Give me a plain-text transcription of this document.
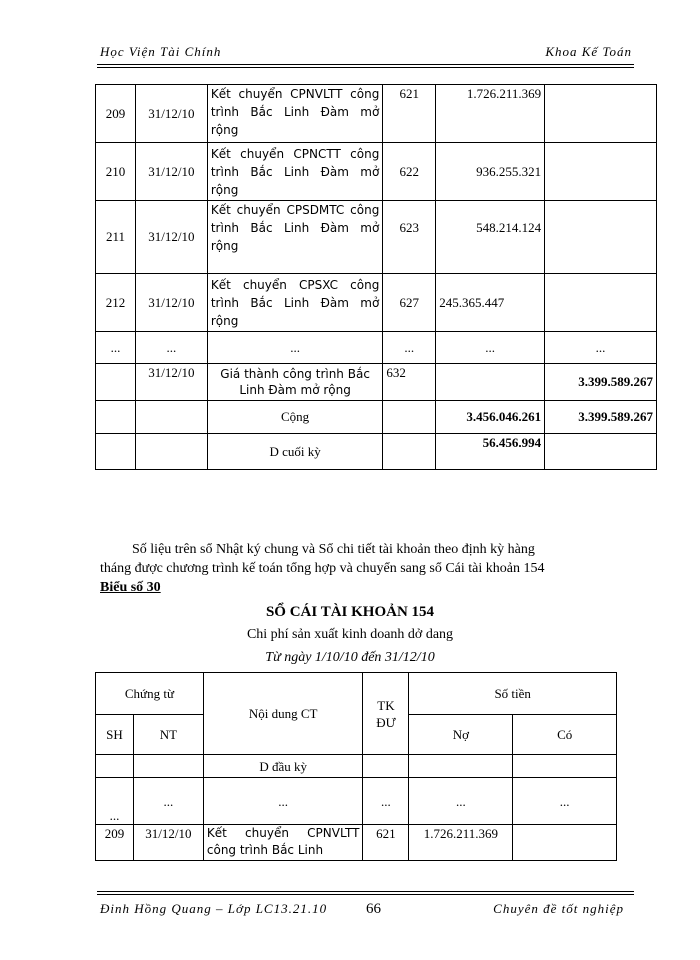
Học Viện Tài Chính	Khoa Kế Toán
209	31/12/10	Kết chuyển CPNVLTT công trình Bắc Linh Đàm mở rộng	621	1.726.211.369	
210	31/12/10	Kết chuyển CPNCTT công trình Bắc Linh Đàm mở rộng	622	936.255.321	
211	31/12/10	Kết chuyển CPSDMTC công trình Bắc Linh Đàm mở rộng	623	548.214.124	
212	31/12/10	Kết chuyển CPSXC công trình Bắc Linh Đàm mở rộng	627	245.365.447	
...	...	...	...	...	...
	31/12/10	Giá thành công trình Bắc Linh Đàm mở rộng	632		3.399.589.267
		Cộng		3.456.046.261	3.399.589.267
		D cuối kỳ		56.456.994	

Số liệu trên sổ Nhật ký chung và Sổ chi tiết tài khoản theo định kỳ hàng

tháng được chương trình kế toán tổng hợp và chuyển sang sổ Cái tài khoản 154

Biểu số 30
SỔ CÁI TÀI KHOẢN 154
Chi phí sản xuất kinh doanh dở dang
Từ ngày 1/10/10 đến 31/12/10
Chứng từ		Nội dung CT	TK ĐƯ	Số tiền	
SH	NT			Nợ	Có
		D đầu kỳ			
...	...	...	...	...	...
209	31/12/10	Kết chuyển CPNVLTT công trình Bắc Linh	621	1.726.211.369	
Đinh Hồng Quang – Lớp LC13.21.10	66	Chuyên đề tốt nghiệp
